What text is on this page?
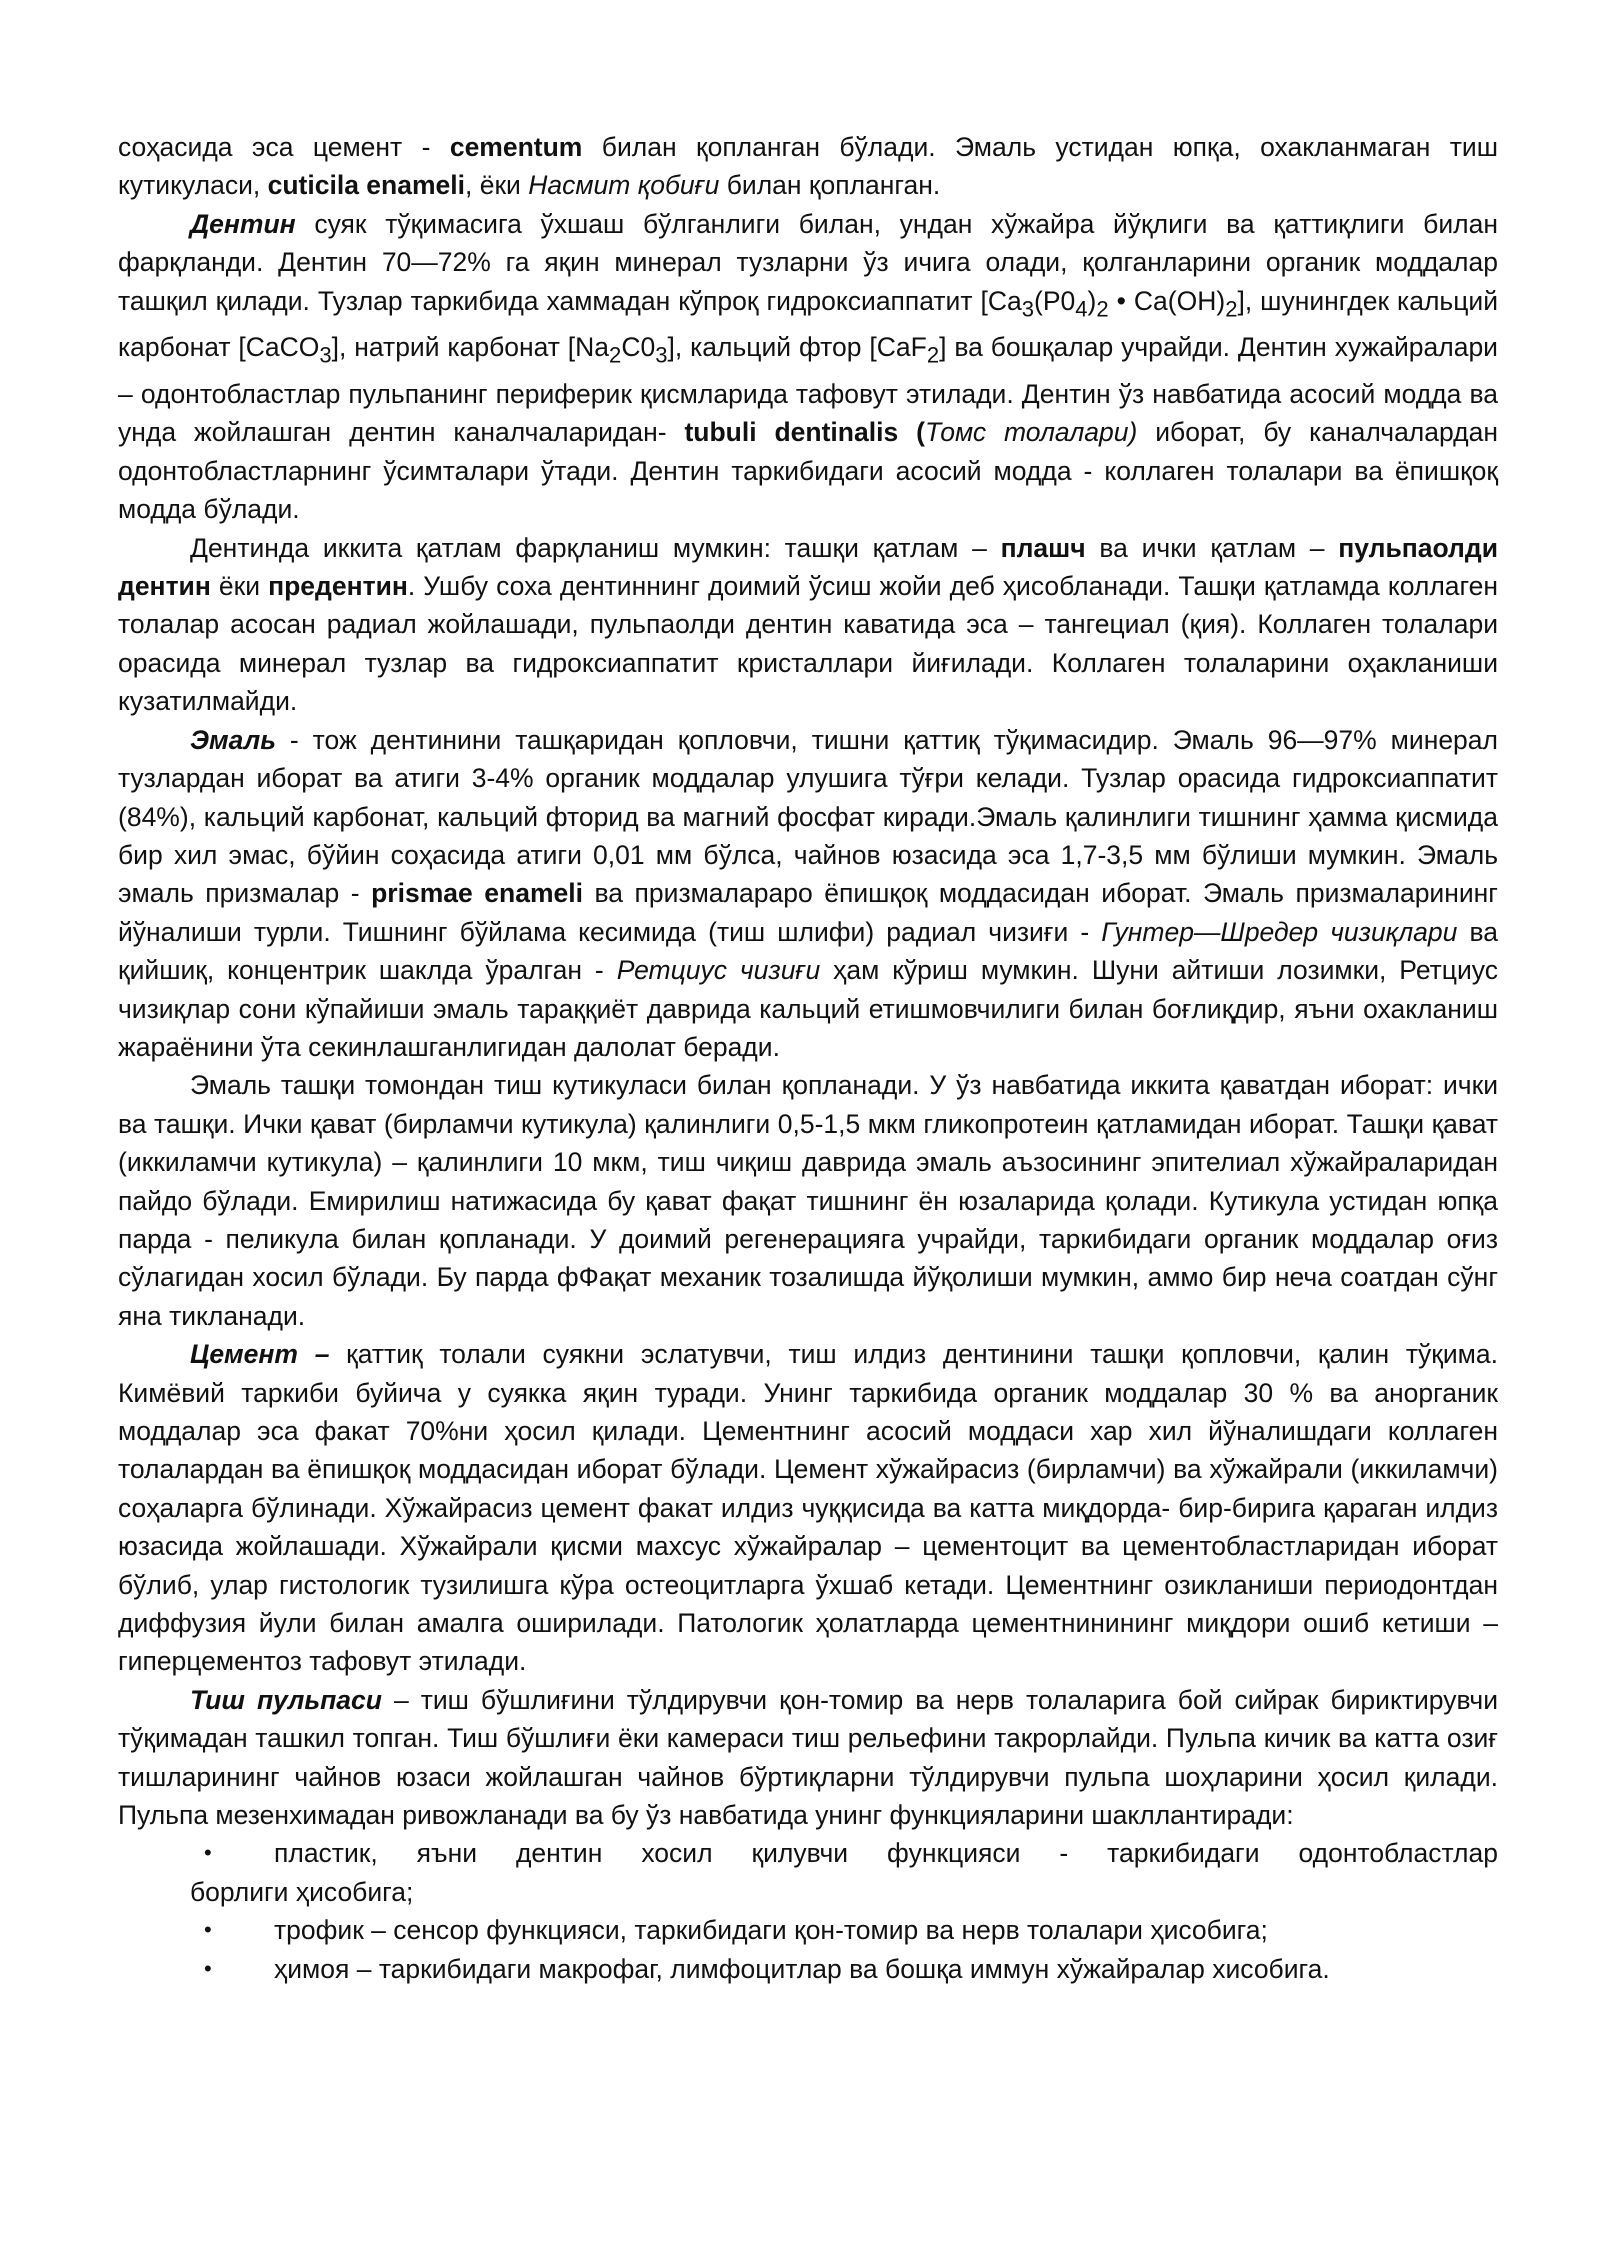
соҳасида эса цемент - cementum билан қопланган бўлади. Эмаль устидан юпқа, охакланмаган тиш кутикуласи, cuticila enameli, ёки Насмит қобиғи билан қопланган.

Дентин суяк тўқимасига ўхшаш бўлганлиги билан, ундан хўжайра йўқлиги ва қаттиқлиги билан фарқланди. Дентин 70—72% га яқин минерал тузларни ўз ичига олади, қолганларини органик моддалар ташқил қилади. Тузлар таркибида хаммадан кўпроқ гидроксиаппатит [$Ca_3(P0_4)_2$ • $Ca(OH)_2$], шунингдек кальций карбонат [CaCO$_3$], натрий карбонат $[Na_2C0_3]$, кальций фтор [CaF$_2$] ва бошқалар учрайди. Дентин хужайралари – одонтобластлар пульпанинг периферик қисмларида тафовут этилади. Дентин ўз навбатида асосий модда ва унда жойлашган дентин каналчаларидан- tubuli dentinalis (Томс толалари) иборат, бу каналчалардан одонтобластларнинг ўсимталари ўтади. Дентин таркибидаги асосий модда - коллаген толалари ва ёпишқоқ модда бўлади.

Дентинда иккита қатлам фарқланиш мумкин: ташқи қатлам – плашч ва ички қатлам – пульпаолди дентин ёки предентин. Ушбу соха дентиннинг доимий ўсиш жойи деб ҳисобланади. Ташқи қатламда коллаген толалар асосан радиал жойлашади, пульпаолди дентин каватида эса – тангециал (қия). Коллаген толалари орасида минерал тузлар ва гидроксиаппатит кристаллари йиғилади. Коллаген толаларини оҳакланиши кузатилмайди.

Эмаль - тож дентинини ташқаридан қопловчи, тишни қаттиқ тўқимасидир. Эмаль 96—97% минерал тузлардан иборат ва атиги 3-4% органик моддалар улушига тўғри келади. Тузлар орасида гидроксиаппатит (84%), кальций карбонат, кальций фторид ва магний фосфат киради.Эмаль қалинлиги тишнинг ҳамма қисмида бир хил эмас, бўйин соҳасида атиги 0,01 мм бўлса, чайнов юзасида эса 1,7-3,5 мм бўлиши мумкин. Эмаль эмаль призмалар - prismae enameli ва призмалараро ёпишқоқ моддасидан иборат. Эмаль призмаларининг йўналиши турли. Тишнинг бўйлама кесимида (тиш шлифи) радиал чизиғи - Гунтер—Шредер чизиқлари ва қийшиқ, концентрик шаклда ўралган - Ретциус чизиғи ҳам кўриш мумкин. Шуни айтиши лозимки, Ретциус чизиқлар сони кўпайиши эмаль тараққиёт даврида кальций етишмовчилиги билан боғлиқдир, яъни охакланиш жараёнини ўта секинлашганлигидан далолат беради.

Эмаль ташқи томондан тиш кутикуласи билан қопланади. У ўз навбатида иккита қаватдан иборат: ички ва ташқи. Ички қават (бирламчи кутикула) қалинлиги 0,5-1,5 мкм гликопротеин қатламидан иборат. Ташқи қават (иккиламчи кутикула) – қалинлиги 10 мкм, тиш чиқиш даврида эмаль аъзосининг эпителиал хўжайраларидан пайдо бўлади. Емирилиш натижасида бу қават фақат тишнинг ён юзаларида қолади. Кутикула устидан юпқа парда - пеликула билан қопланади. У доимий регенерацияга учрайди, таркибидаги органик моддалар оғиз сўлагидан хосил бўлади. Бу парда фФақат механик тозалишда йўқолиши мумкин, аммо бир неча соатдан сўнг яна тикланади.

Цемент – қаттиқ толали суякни эслатувчи, тиш илдиз дентинини ташқи қопловчи, қалин тўқима. Кимёвий таркиби буйича у суякка яқин туради. Унинг таркибида органик моддалар 30 % ва анорганик моддалар эса факат 70%ни ҳосил қилади. Цементнинг асосий моддаси хар хил йўналишдаги коллаген толалардан ва ёпишқоқ моддасидан иборат бўлади. Цемент хўжайрасиз (бирламчи) ва хўжайрали (иккиламчи) соҳаларга бўлинади. Хўжайрасиз цемент факат илдиз чуққисида ва катта миқдорда- бир-бирига қараган илдиз юзасида жойлашади. Хўжайрали қисми махсус хўжайралар – цементоцит ва цементобластларидан иборат бўлиб, улар гистологик тузилишга кўра остеоцитларга ўхшаб кетади. Цементнинг озикланиши периодонтдан диффузия йули билан амалга оширилади. Патологик ҳолатларда цементнинининг миқдори ошиб кетиши – гиперцементоз тафовут этилади.

Тиш пульпаси – тиш бўшлиғини тўлдирувчи қон-томир ва нерв толаларига бой сийрак бириктирувчи тўқимадан ташкил топган. Тиш бўшлиғи ёки камераси тиш рельефини такрорлайди. Пульпа кичик ва катта озиғ тишларининг чайнов юзаси жойлашган чайнов бўртиқларни тўлдирувчи пульпа шоҳларини ҳосил қилади. Пульпа мезенхимадан ривожланади ва бу ўз навбатида унинг функцияларини шакллантиради:

•	пластик, яъни дентин хосил қилувчи функцияси - таркибидаги одонтобластлар
борлиги ҳисобига;
•	трофик – сенсор функцияси, таркибидаги қон-томир ва нерв толалари ҳисобига;
•	ҳимоя – таркибидаги макрофаг, лимфоцитлар ва бошқа иммун хўжайралар хисобига.
